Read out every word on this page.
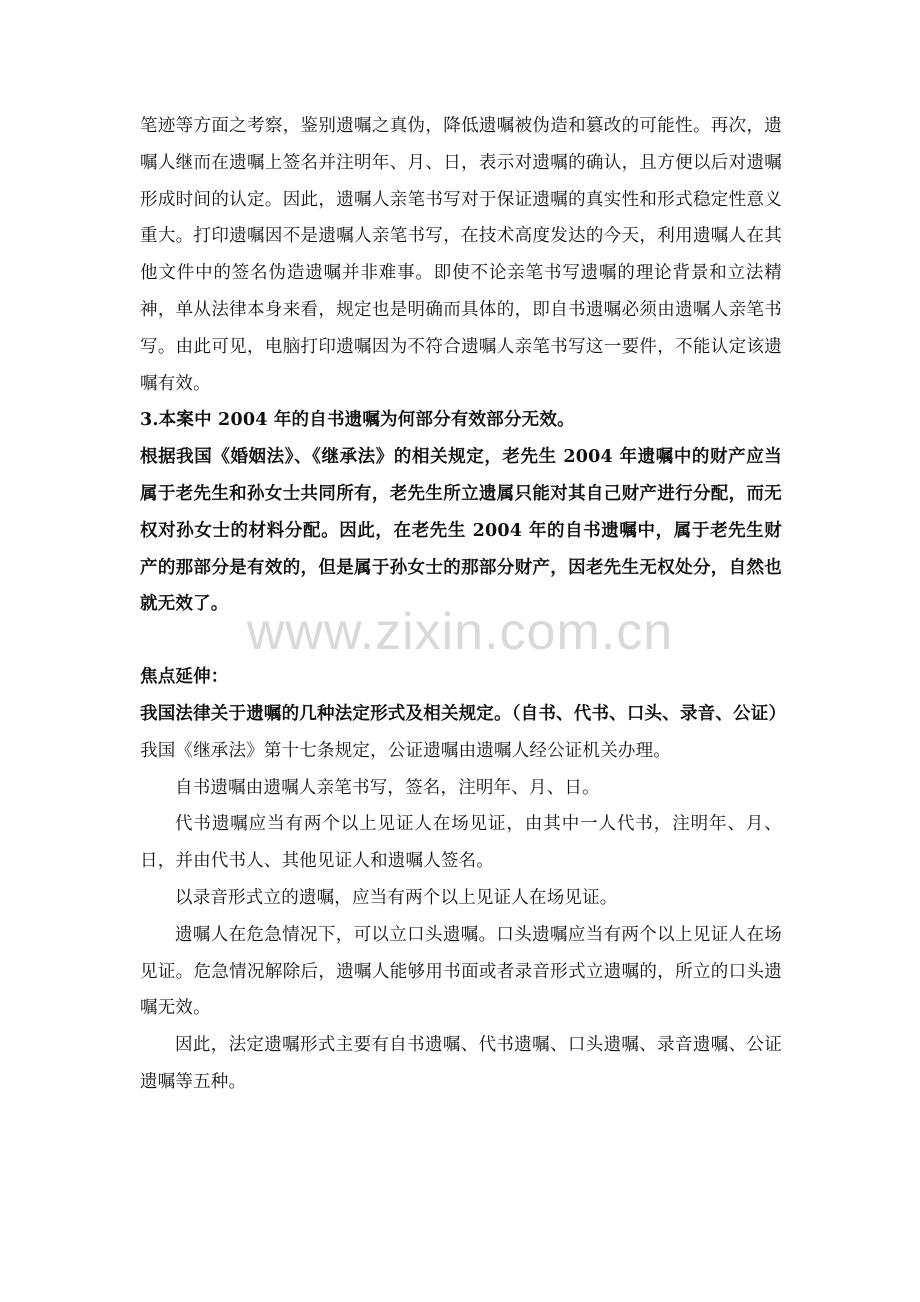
www.zixin.com.cn

笔迹等方面之考察，鉴别遗嘱之真伪，降低遗嘱被伪造和篡改的可能性。再次，遗嘱人继而在遗嘱上签名并注明年、月、日，表示对遗嘱的确认，且方便以后对遗嘱形成时间的认定。因此，遗嘱人亲笔书写对于保证遗嘱的真实性和形式稳定性意义重大。打印遗嘱因不是遗嘱人亲笔书写，在技术高度发达的今天，利用遗嘱人在其他文件中的签名伪造遗嘱并非难事。即使不论亲笔书写遗嘱的理论背景和立法精神，单从法律本身来看，规定也是明确而具体的，即自书遗嘱必须由遗嘱人亲笔书写。由此可见，电脑打印遗嘱因为不符合遗嘱人亲笔书写这一要件，不能认定该遗嘱有效。

3.本案中 2004 年的自书遗嘱为何部分有效部分无效。

根据我国《婚姻法》、《继承法》的相关规定，老先生 2004 年遗嘱中的财产应当属于老先生和孙女士共同所有，老先生所立遗属只能对其自己财产进行分配，而无权对孙女士的材料分配。因此，在老先生 2004 年的自书遗嘱中，属于老先生财产的那部分是有效的，但是属于孙女士的那部分财产，因老先生无权处分，自然也就无效了。

焦点延伸：

我国法律关于遗嘱的几种法定形式及相关规定。（自书、代书、口头、录音、公证）

我国《继承法》第十七条规定，公证遗嘱由遗嘱人经公证机关办理。

自书遗嘱由遗嘱人亲笔书写，签名，注明年、月、日。

代书遗嘱应当有两个以上见证人在场见证，由其中一人代书，注明年、月、日，并由代书人、其他见证人和遗嘱人签名。

以录音形式立的遗嘱，应当有两个以上见证人在场见证。

遗嘱人在危急情况下，可以立口头遗嘱。口头遗嘱应当有两个以上见证人在场见证。危急情况解除后，遗嘱人能够用书面或者录音形式立遗嘱的，所立的口头遗嘱无效。

因此，法定遗嘱形式主要有自书遗嘱、代书遗嘱、口头遗嘱、录音遗嘱、公证遗嘱等五种。
